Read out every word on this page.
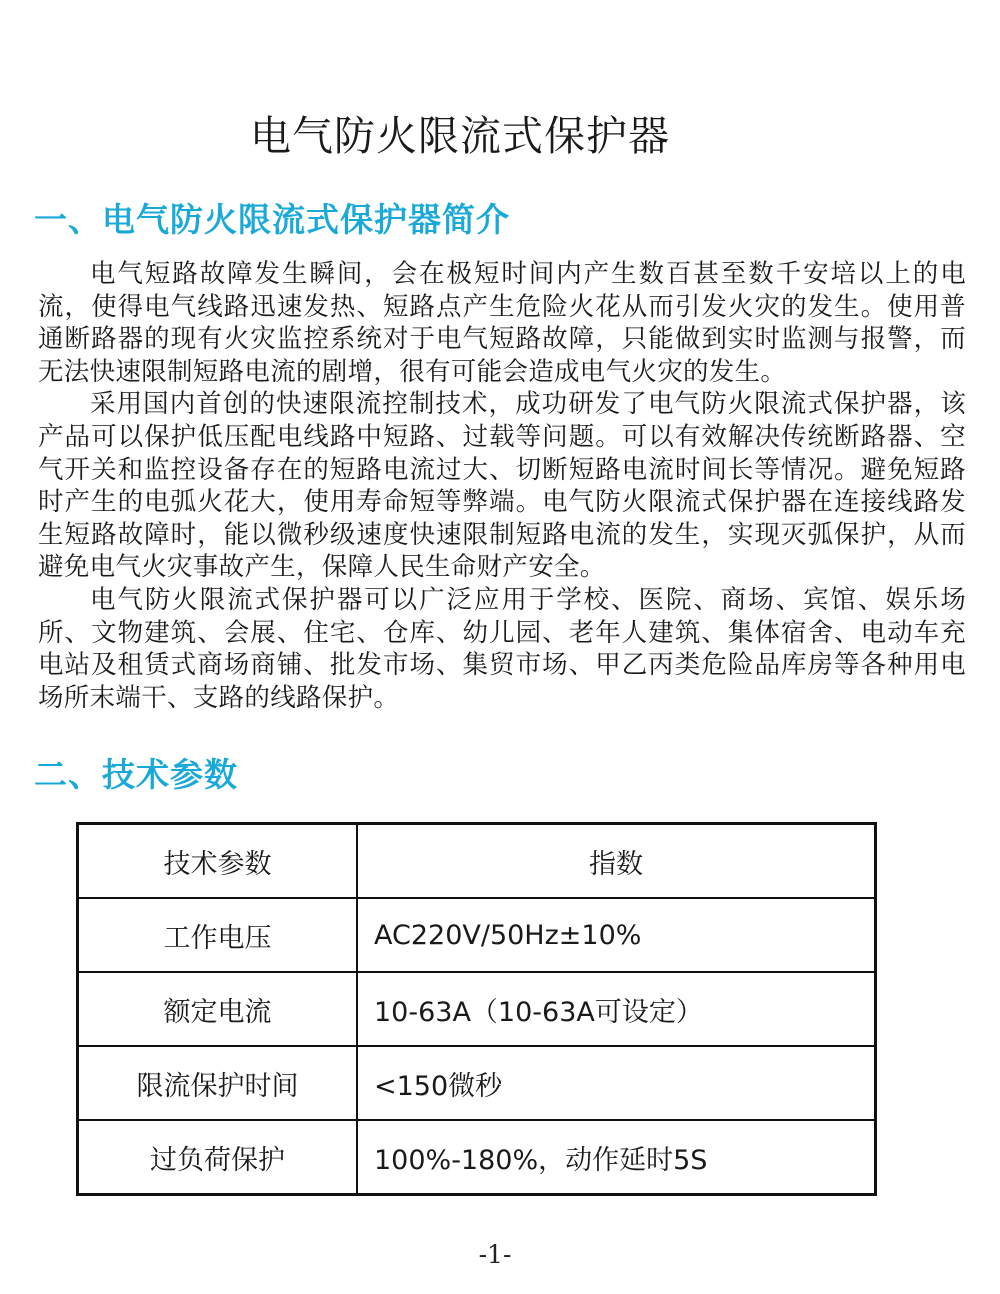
电气防火限流式保护器
一、电气防火限流式保护器简介

电气短路故障发生瞬间，会在极短时间内产生数百甚至数千安培以上的电流，使得电气线路迅速发热、短路点产生危险火花从而引发火灾的发生。使用普通断路器的现有火灾监控系统对于电气短路故障，只能做到实时监测与报警，而无法快速限制短路电流的剧增，很有可能会造成电气火灾的发生。

采用国内首创的快速限流控制技术，成功研发了电气防火限流式保护器，该产品可以保护低压配电线路中短路、过载等问题。可以有效解决传统断路器、空气开关和监控设备存在的短路电流过大、切断短路电流时间长等情况。避免短路时产生的电弧火花大，使用寿命短等弊端。电气防火限流式保护器在连接线路发生短路故障时，能以微秒级速度快速限制短路电流的发生，实现灭弧保护，从而避免电气火灾事故产生，保障人民生命财产安全。

电气防火限流式保护器可以广泛应用于学校、医院、商场、宾馆、娱乐场所、文物建筑、会展、住宅、仓库、幼儿园、老年人建筑、集体宿舍、电动车充电站及租赁式商场商铺、批发市场、集贸市场、甲乙丙类危险品库房等各种用电场所末端干、支路的线路保护。

二、技术参数
技术参数	指数
工作电压	AC220V/50Hz±10%
额定电流	10-63A（10-63A可设定）
限流保护时间	<150微秒
过负荷保护	100%-180%，动作延时5S
-1-
